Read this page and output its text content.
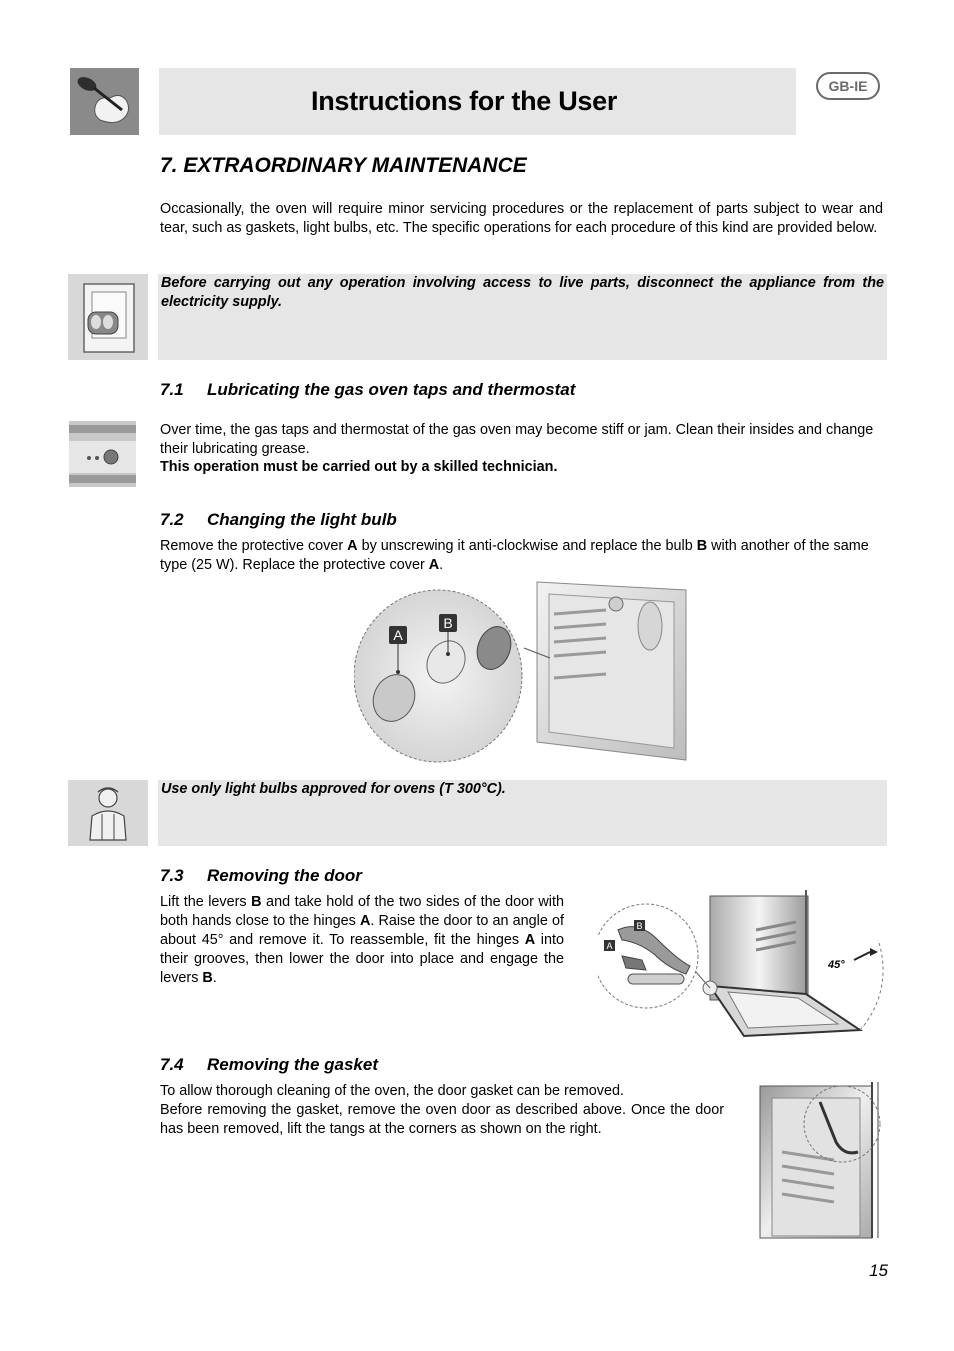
Instructions for the User	GB-IE
7. EXTRAORDINARY MAINTENANCE

Occasionally, the oven will require minor servicing procedures or the replacement of parts subject to wear and tear, such as gaskets, light bulbs, etc. The specific operations for each procedure of this kind are provided below.

Before carrying out any operation involving access to live parts, disconnect the appliance from the electricity supply.
7.1 Lubricating the gas oven taps and thermostat

Over time, the gas taps and thermostat of the gas oven may become stiff or jam. Clean their insides and change their lubricating grease.

This operation must be carried out by a skilled technician.

7.2 Changing the light bulb

Remove the protective cover A by unscrewing it anti-clockwise and replace the bulb B with another of the same type (25 W). Replace the protective cover A.

A
B
Use only light bulbs approved for ovens (T 300°C).
7.3 Removing the door

Lift the levers B and take hold of the two sides of the door with both hands close to the hinges A. Raise the door to an angle of about 45° and remove it. To reassemble, fit the hinges A into their grooves, then lower the door into place and engage the levers B.

45°
B
A
7.4 Removing the gasket

To allow thorough cleaning of the oven, the door gasket can be removed.

Before removing the gasket, remove the oven door as described above. Once the door has been removed, lift the tangs at the corners as shown on the right.

15
